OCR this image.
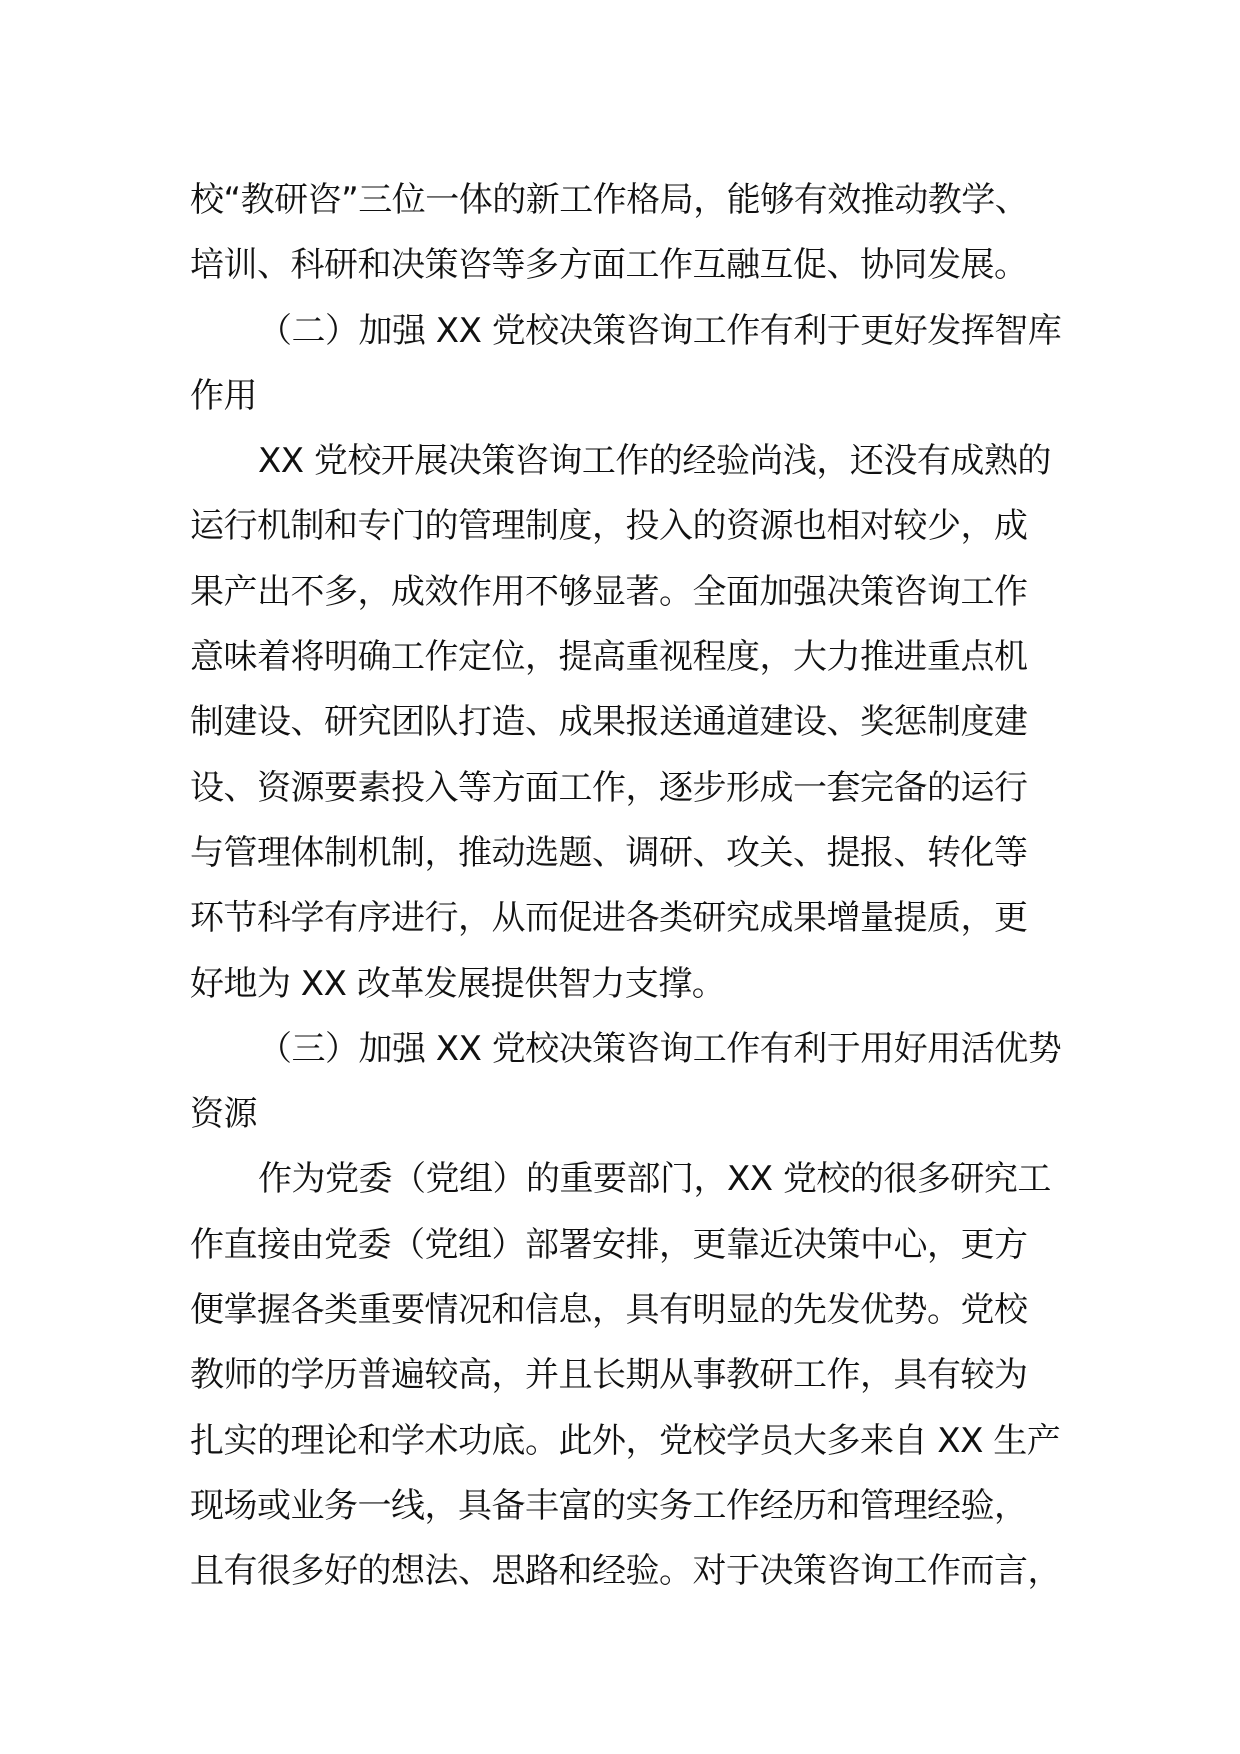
校“教研咨”三位一体的新工作格局，能够有效推动教学、
培训、科研和决策咨等多方面工作互融互促、协同发展。
（二）加强 XX 党校决策咨询工作有利于更好发挥智库
作用
XX 党校开展决策咨询工作的经验尚浅，还没有成熟的
运行机制和专门的管理制度，投入的资源也相对较少，成
果产出不多，成效作用不够显著。全面加强决策咨询工作
意味着将明确工作定位，提高重视程度，大力推进重点机
制建设、研究团队打造、成果报送通道建设、奖惩制度建
设、资源要素投入等方面工作，逐步形成一套完备的运行
与管理体制机制，推动选题、调研、攻关、提报、转化等
环节科学有序进行，从而促进各类研究成果增量提质，更
好地为 XX 改革发展提供智力支撑。
（三）加强 XX 党校决策咨询工作有利于用好用活优势
资源
作为党委（党组）的重要部门，XX 党校的很多研究工
作直接由党委（党组）部署安排，更靠近决策中心，更方
便掌握各类重要情况和信息，具有明显的先发优势。党校
教师的学历普遍较高，并且长期从事教研工作，具有较为
扎实的理论和学术功底。此外，党校学员大多来自 XX 生产
现场或业务一线，具备丰富的实务工作经历和管理经验，
且有很多好的想法、思路和经验。对于决策咨询工作而言，
